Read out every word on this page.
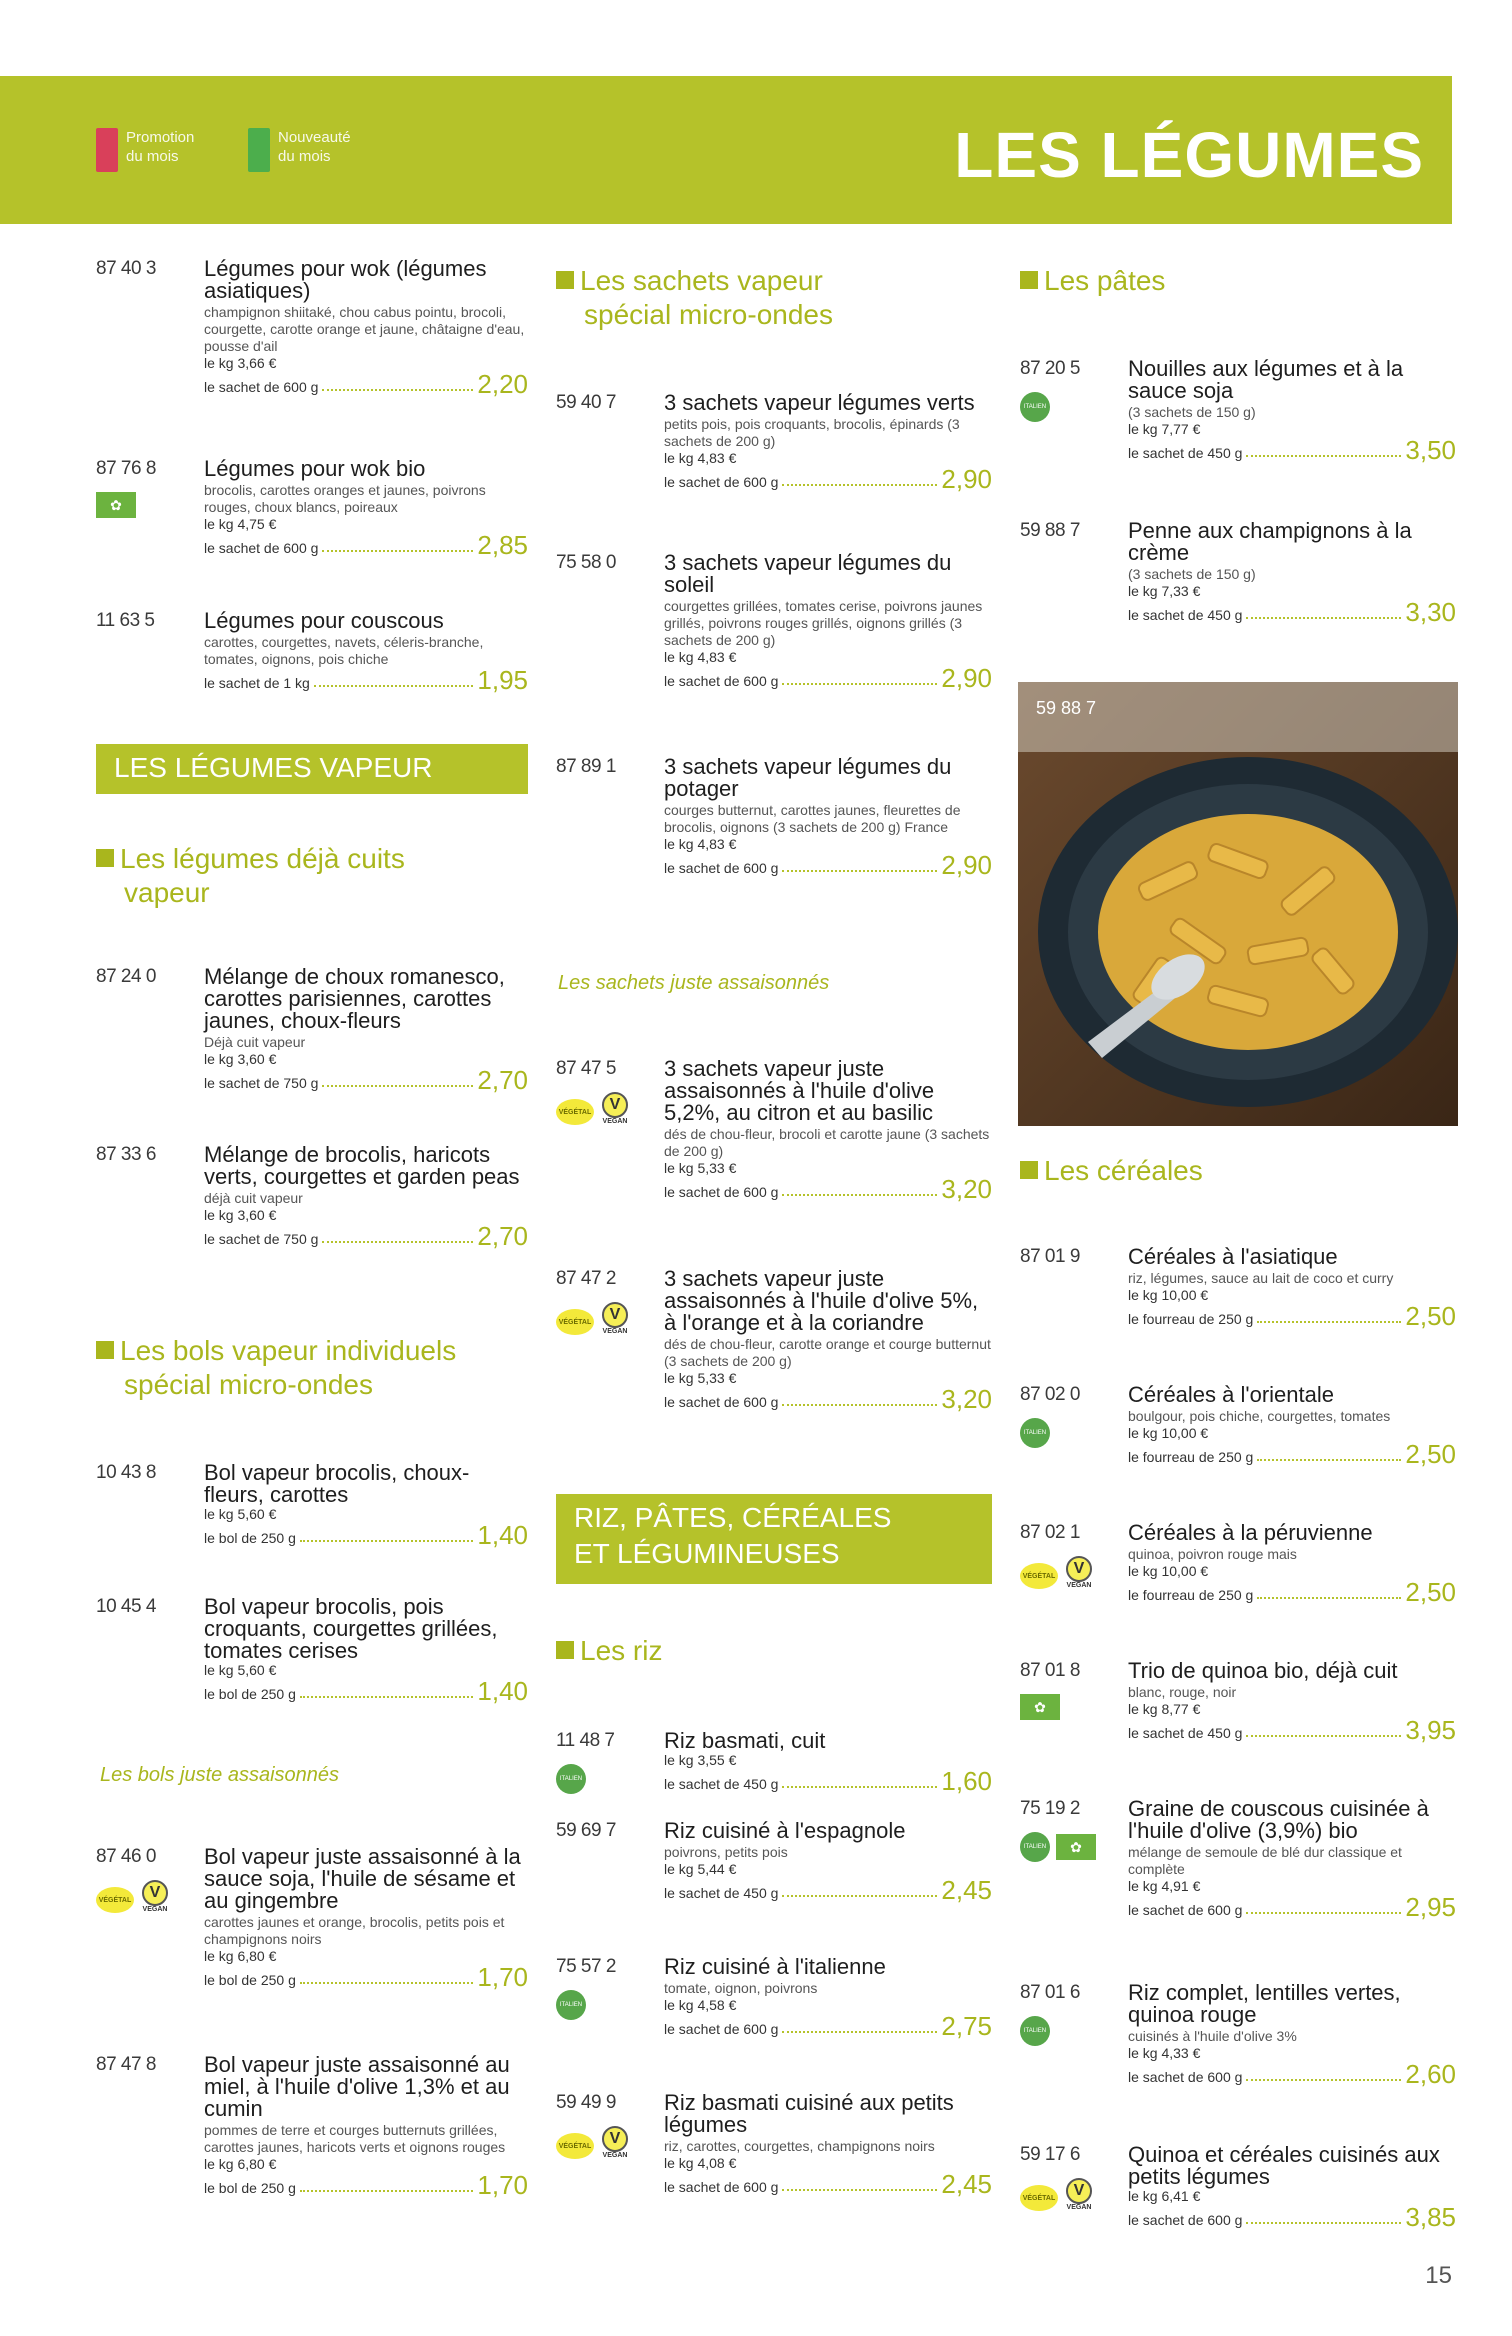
Promotion
du mois
Nouveauté
du mois	LES LÉGUMES
87 40 3 Légumes pour wok (légumes asiatiques)
champignon shiitaké, chou cabus pointu, brocoli, courgette, carotte orange et jaune, châtaigne d'eau, pousse d'ail
le kg 3,66 €
le sachet de 600 g	2,20
87 76 8
✿
Légumes pour wok bio
brocolis, carottes oranges et jaunes, poivrons rouges, choux blancs, poireaux
le kg 4,75 €
le sachet de 600 g	2,85
11 63 5 Légumes pour couscous
carottes, courgettes, navets, céleris-branche, tomates, oignons, pois chiche
le sachet de 1 kg	1,95
LES LÉGUMES VAPEUR
Les légumes déjà cuits
vapeur
87 24 0 Mélange de choux romanesco, carottes parisiennes, carottes jaunes, choux-fleurs
Déjà cuit vapeur
le kg 3,60 €
le sachet de 750 g	2,70
87 33 6 Mélange de brocolis, haricots verts, courgettes et garden peas
déjà cuit vapeur
le kg 3,60 €
le sachet de 750 g	2,70
Les bols vapeur individuels
spécial micro-ondes
10 43 8 Bol vapeur brocolis, choux-fleurs, carottes
le kg 5,60 €
le bol de 250 g	1,40
10 45 4 Bol vapeur brocolis, pois croquants, courgettes grillées, tomates cerises
le kg 5,60 €
le bol de 250 g	1,40
Les bols juste assaisonnés
87 46 0
VÉGÉTAL	V
VEGAN
Bol vapeur juste assaisonné à la sauce soja, l'huile de sésame et au gingembre
carottes jaunes et orange, brocolis, petits pois et champignons noirs
le kg 6,80 €
le bol de 250 g	1,70
87 47 8 Bol vapeur juste assaisonné au miel, à l'huile d'olive 1,3% et au cumin
pommes de terre et courges butternuts grillées, carottes jaunes, haricots verts et oignons rouges
le kg 6,80 €
le bol de 250 g	1,70
Les sachets vapeur
spécial micro-ondes
59 40 7 3 sachets vapeur légumes verts
petits pois, pois croquants, brocolis, épinards (3 sachets de 200 g)
le kg 4,83 €
le sachet de 600 g	2,90
75 58 0 3 sachets vapeur légumes du soleil
courgettes grillées, tomates cerise, poivrons jaunes grillés, poivrons rouges grillés, oignons grillés (3 sachets de 200 g)
le kg 4,83 €
le sachet de 600 g	2,90
87 89 1 3 sachets vapeur légumes du potager
courges butternut, carottes jaunes, fleurettes de brocolis, oignons (3 sachets de 200 g) France
le kg 4,83 €
le sachet de 600 g	2,90
Les sachets juste assaisonnés
87 47 5
VÉGÉTAL	V
VEGAN
3 sachets vapeur juste assaisonnés à l'huile d'olive 5,2%, au citron et au basilic
dés de chou-fleur, brocoli et carotte jaune (3 sachets de 200 g)
le kg 5,33 €
le sachet de 600 g	3,20
87 47 2
VÉGÉTAL	V
VEGAN
3 sachets vapeur juste assaisonnés à l'huile d'olive 5%, à l'orange et à la coriandre
dés de chou-fleur, carotte orange et courge butternut (3 sachets de 200 g)
le kg 5,33 €
le sachet de 600 g	3,20
RIZ, PÂTES, CÉRÉALES
ET LÉGUMINEUSES
Les riz
11 48 7
ITALIEN
Riz basmati, cuit
le kg 3,55 €
le sachet de 450 g	1,60
59 69 7 Riz cuisiné à l'espagnole
poivrons, petits pois
le kg 5,44 €
le sachet de 450 g	2,45
75 57 2
ITALIEN
Riz cuisiné à l'italienne
tomate, oignon, poivrons
le kg 4,58 €
le sachet de 600 g	2,75
59 49 9
VÉGÉTAL	V
VEGAN
Riz basmati cuisiné aux petits légumes
riz, carottes, courgettes, champignons noirs
le kg 4,08 €
le sachet de 600 g	2,45
Les pâtes
87 20 5
ITALIEN
Nouilles aux légumes et à la sauce soja
(3 sachets de 150 g)
le kg 7,77 €
le sachet de 450 g	3,50
59 88 7 Penne aux champignons à la crème
(3 sachets de 150 g)
le kg 7,33 €
le sachet de 450 g	3,30
Les céréales
87 01 9 Céréales à l'asiatique
riz, légumes, sauce au lait de coco et curry
le kg 10,00 €
le fourreau de 250 g	2,50
87 02 0
ITALIEN
Céréales à l'orientale
boulgour, pois chiche, courgettes, tomates
le kg 10,00 €
le fourreau de 250 g	2,50
87 02 1
VÉGÉTAL	V
VEGAN
Céréales à la péruvienne
quinoa, poivron rouge mais
le kg 10,00 €
le fourreau de 250 g	2,50
87 01 8
✿
Trio de quinoa bio, déjà cuit
blanc, rouge, noir
le kg 8,77 €
le sachet de 450 g	3,95
75 19 2
ITALIEN	✿
Graine de couscous cuisinée à l'huile d'olive (3,9%) bio
mélange de semoule de blé dur classique et complète
le kg 4,91 €
le sachet de 600 g	2,95
87 01 6
ITALIEN
Riz complet, lentilles vertes, quinoa rouge
cuisinés à l'huile d'olive 3%
le kg 4,33 €
le sachet de 600 g	2,60
59 17 6
VÉGÉTAL	V
VEGAN
Quinoa et céréales cuisinés aux petits légumes
le kg 6,41 €
le sachet de 600 g	3,85
59 88 7
15
